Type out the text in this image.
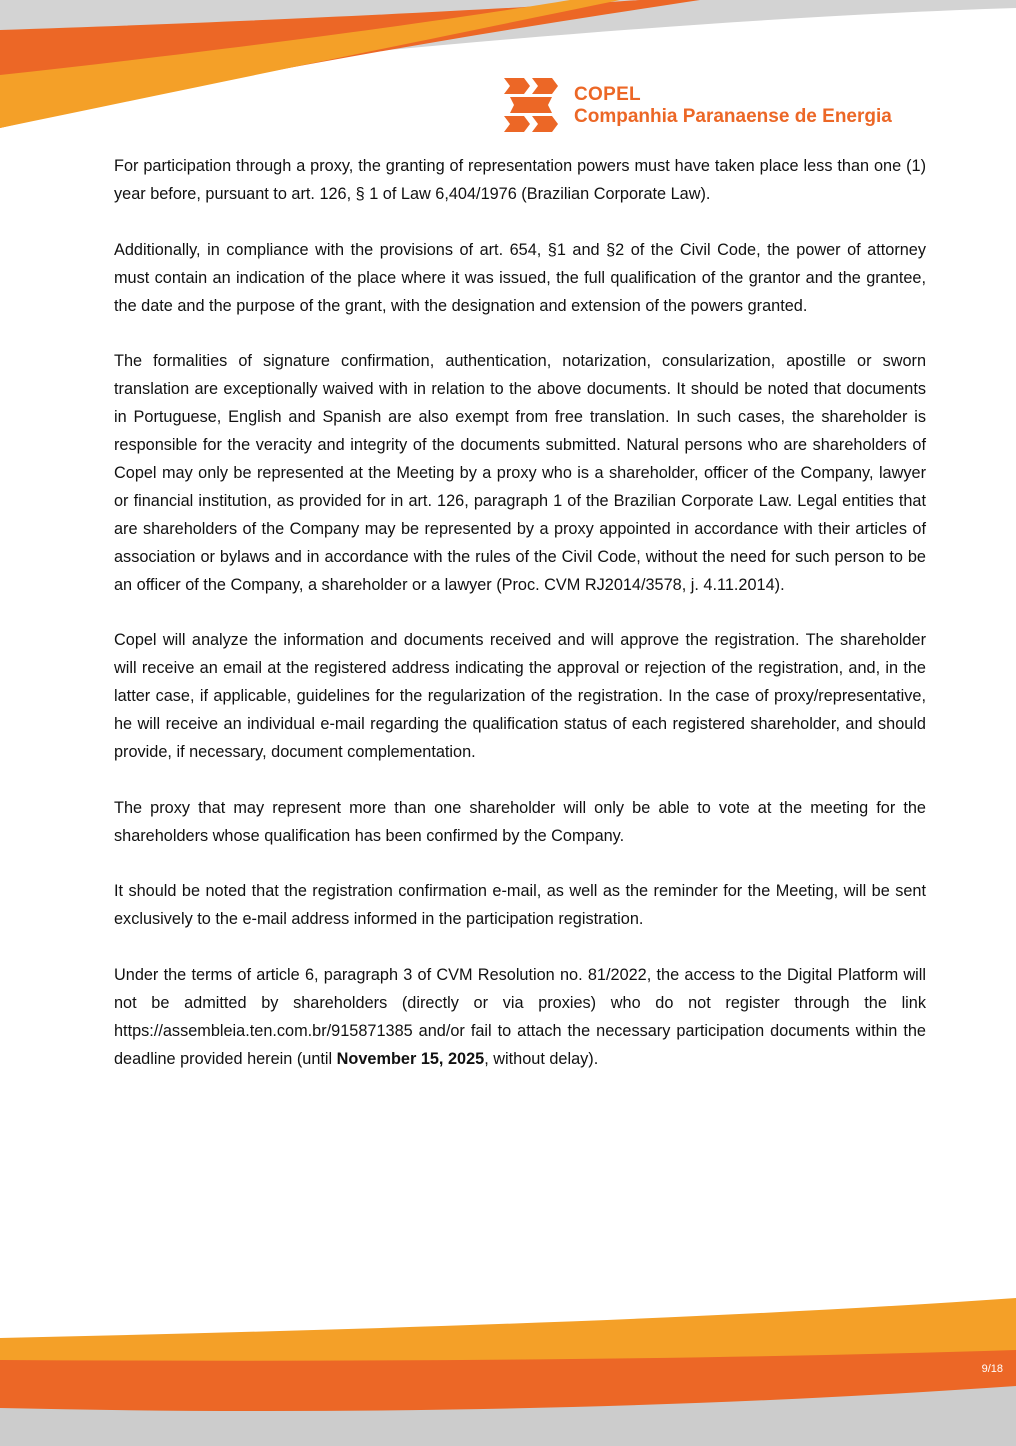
COPEL
Companhia Paranaense de Energia

For participation through a proxy, the granting of representation powers must have taken place less than one (1) year before, pursuant to art. 126, § 1 of Law 6,404/1976 (Brazilian Corporate Law).

Additionally, in compliance with the provisions of art. 654, §1 and §2 of the Civil Code, the power of attorney must contain an indication of the place where it was issued, the full qualification of the grantor and the grantee, the date and the purpose of the grant, with the designation and extension of the powers granted.

The formalities of signature confirmation, authentication, notarization, consularization, apostille or sworn translation are exceptionally waived with in relation to the above documents. It should be noted that documents in Portuguese, English and Spanish are also exempt from free translation. In such cases, the shareholder is responsible for the veracity and integrity of the documents submitted. Natural persons who are shareholders of Copel may only be represented at the Meeting by a proxy who is a shareholder, officer of the Company, lawyer or financial institution, as provided for in art. 126, paragraph 1 of the Brazilian Corporate Law. Legal entities that are shareholders of the Company may be represented by a proxy appointed in accordance with their articles of association or bylaws and in accordance with the rules of the Civil Code, without the need for such person to be an officer of the Company, a shareholder or a lawyer (Proc. CVM RJ2014/3578, j. 4.11.2014).

Copel will analyze the information and documents received and will approve the registration. The shareholder will receive an email at the registered address indicating the approval or rejection of the registration, and, in the latter case, if applicable, guidelines for the regularization of the registration. In the case of proxy/representative, he will receive an individual e-mail regarding the qualification status of each registered shareholder, and should provide, if necessary, document complementation.

The proxy that may represent more than one shareholder will only be able to vote at the meeting for the shareholders whose qualification has been confirmed by the Company.

It should be noted that the registration confirmation e-mail, as well as the reminder for the Meeting, will be sent exclusively to the e-mail address informed in the participation registration.

Under the terms of article 6, paragraph 3 of CVM Resolution no. 81/2022, the access to the Digital Platform will not be admitted by shareholders (directly or via proxies) who do not register through the link https://assembleia.ten.com.br/915871385 and/or fail to attach the necessary participation documents within the deadline provided herein (until November 15, 2025, without delay).

9/18
